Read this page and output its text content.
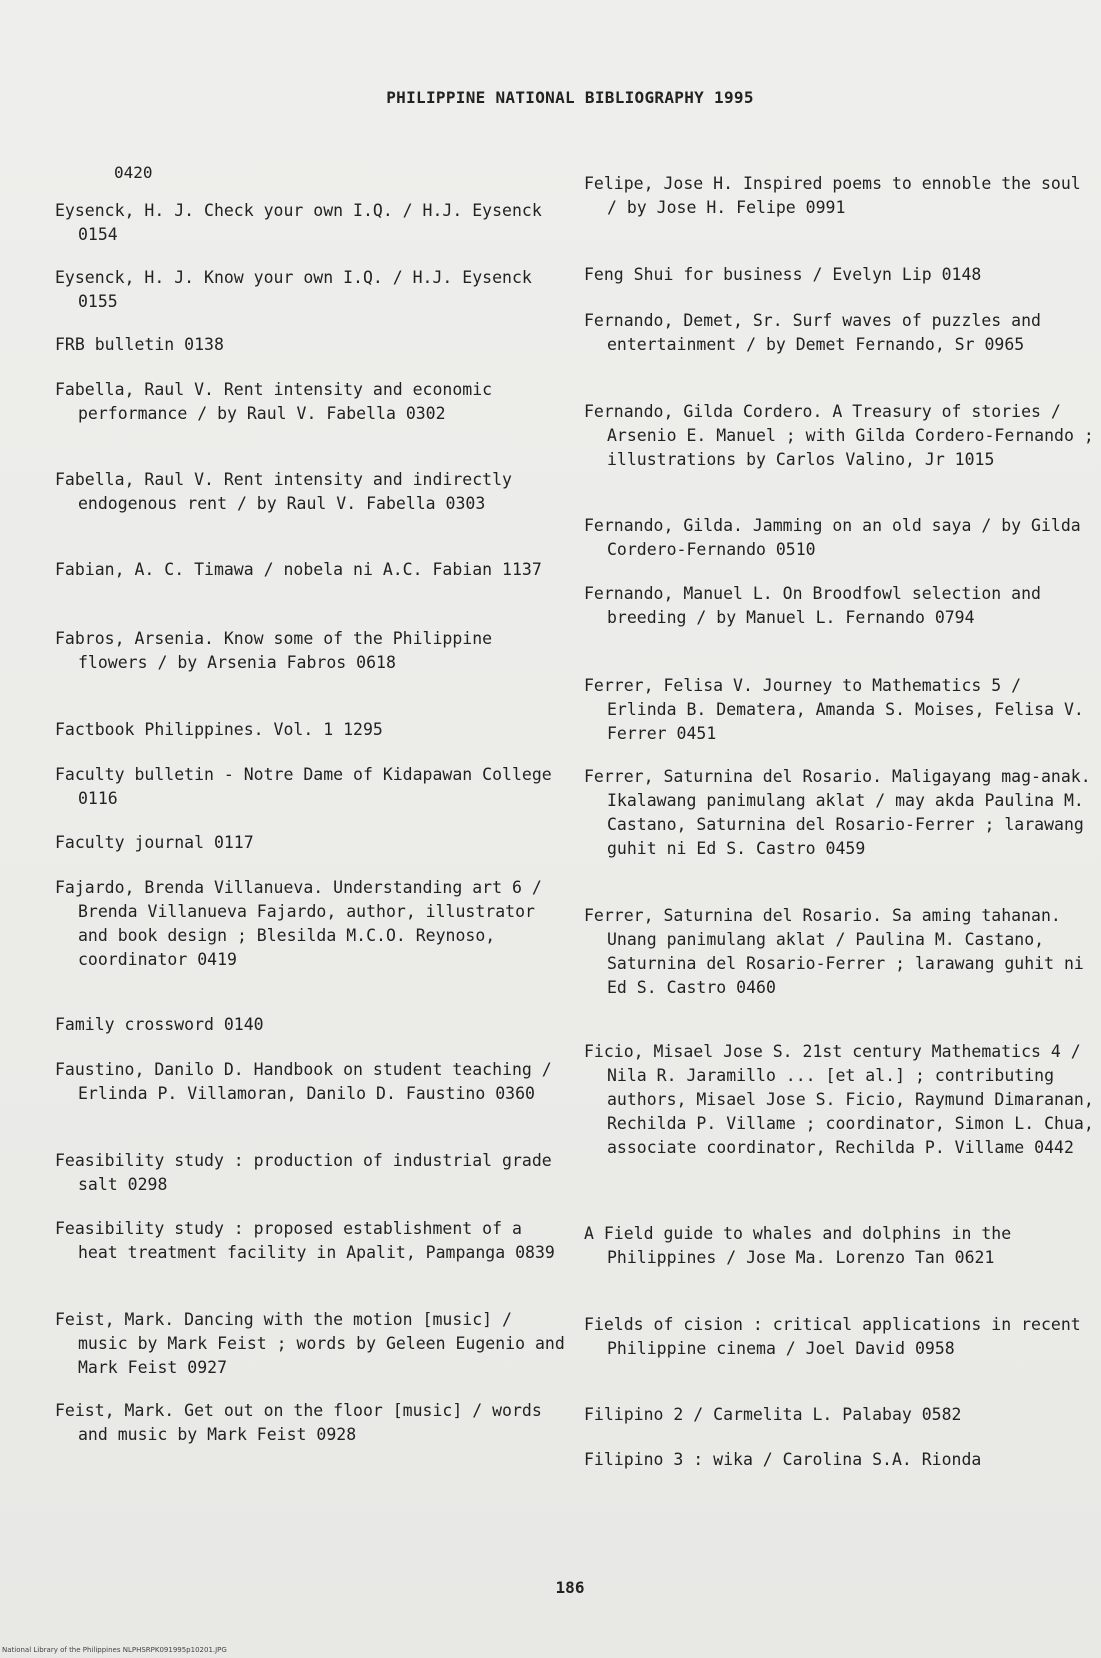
PHILIPPINE NATIONAL BIBLIOGRAPHY 1995
0420

Eysenck, H. J. Check your own I.Q. / H.J. Eysenck 0154

Eysenck, H. J. Know your own I.Q. / H.J. Eysenck 0155

FRB bulletin 0138

Fabella, Raul V. Rent intensity and economic performance / by Raul V. Fabella 0302

Fabella, Raul V. Rent intensity and indirectly endogenous rent / by Raul V. Fabella 0303

Fabian, A. C. Timawa / nobela ni A.C. Fabian 1137

Fabros, Arsenia. Know some of the Philippine flowers / by Arsenia Fabros 0618

Factbook Philippines. Vol. 1 1295

Faculty bulletin - Notre Dame of Kidapawan College 0116

Faculty journal 0117

Fajardo, Brenda Villanueva. Understanding art 6 / Brenda Villanueva Fajardo, author, illustrator and book design ; Blesilda M.C.O. Reynoso, coordinator 0419

Family crossword 0140

Faustino, Danilo D. Handbook on student teaching / Erlinda P. Villamoran, Danilo D. Faustino 0360

Feasibility study : production of industrial grade salt 0298

Feasibility study : proposed establishment of a heat treatment facility in Apalit, Pampanga 0839

Feist, Mark. Dancing with the motion [music] / music by Mark Feist ; words by Geleen Eugenio and Mark Feist 0927

Feist, Mark. Get out on the floor [music] / words and music by Mark Feist 0928

Felipe, Jose H. Inspired poems to ennoble the soul / by Jose H. Felipe 0991

Feng Shui for business / Evelyn Lip 0148

Fernando, Demet, Sr. Surf waves of puzzles and entertainment / by Demet Fernando, Sr 0965

Fernando, Gilda Cordero. A Treasury of stories / Arsenio E. Manuel ; with Gilda Cordero-Fernando ; illustrations by Carlos Valino, Jr 1015

Fernando, Gilda. Jamming on an old saya / by Gilda Cordero-Fernando 0510

Fernando, Manuel L. On Broodfowl selection and breeding / by Manuel L. Fernando 0794

Ferrer, Felisa V. Journey to Mathematics 5 / Erlinda B. Dematera, Amanda S. Moises, Felisa V. Ferrer 0451

Ferrer, Saturnina del Rosario. Maligayang mag-anak. Ikalawang panimulang aklat / may akda Paulina M. Castano, Saturnina del Rosario-Ferrer ; larawang guhit ni Ed S. Castro 0459

Ferrer, Saturnina del Rosario. Sa aming tahanan. Unang panimulang aklat / Paulina M. Castano, Saturnina del Rosario-Ferrer ; larawang guhit ni Ed S. Castro 0460

Ficio, Misael Jose S. 21st century Mathematics 4 / Nila R. Jaramillo ... [et al.] ; contributing authors, Misael Jose S. Ficio, Raymund Dimaranan, Rechilda P. Villame ; coordinator, Simon L. Chua, associate coordinator, Rechilda P. Villame 0442

A Field guide to whales and dolphins in the Philippines / Jose Ma. Lorenzo Tan 0621

Fields of cision : critical applications in recent Philippine cinema / Joel David 0958

Filipino 2 / Carmelita L. Palabay 0582

Filipino 3 : wika / Carolina S.A. Rionda

186
National Library of the Philippines NLPHSRPK091995p10201.JPG
